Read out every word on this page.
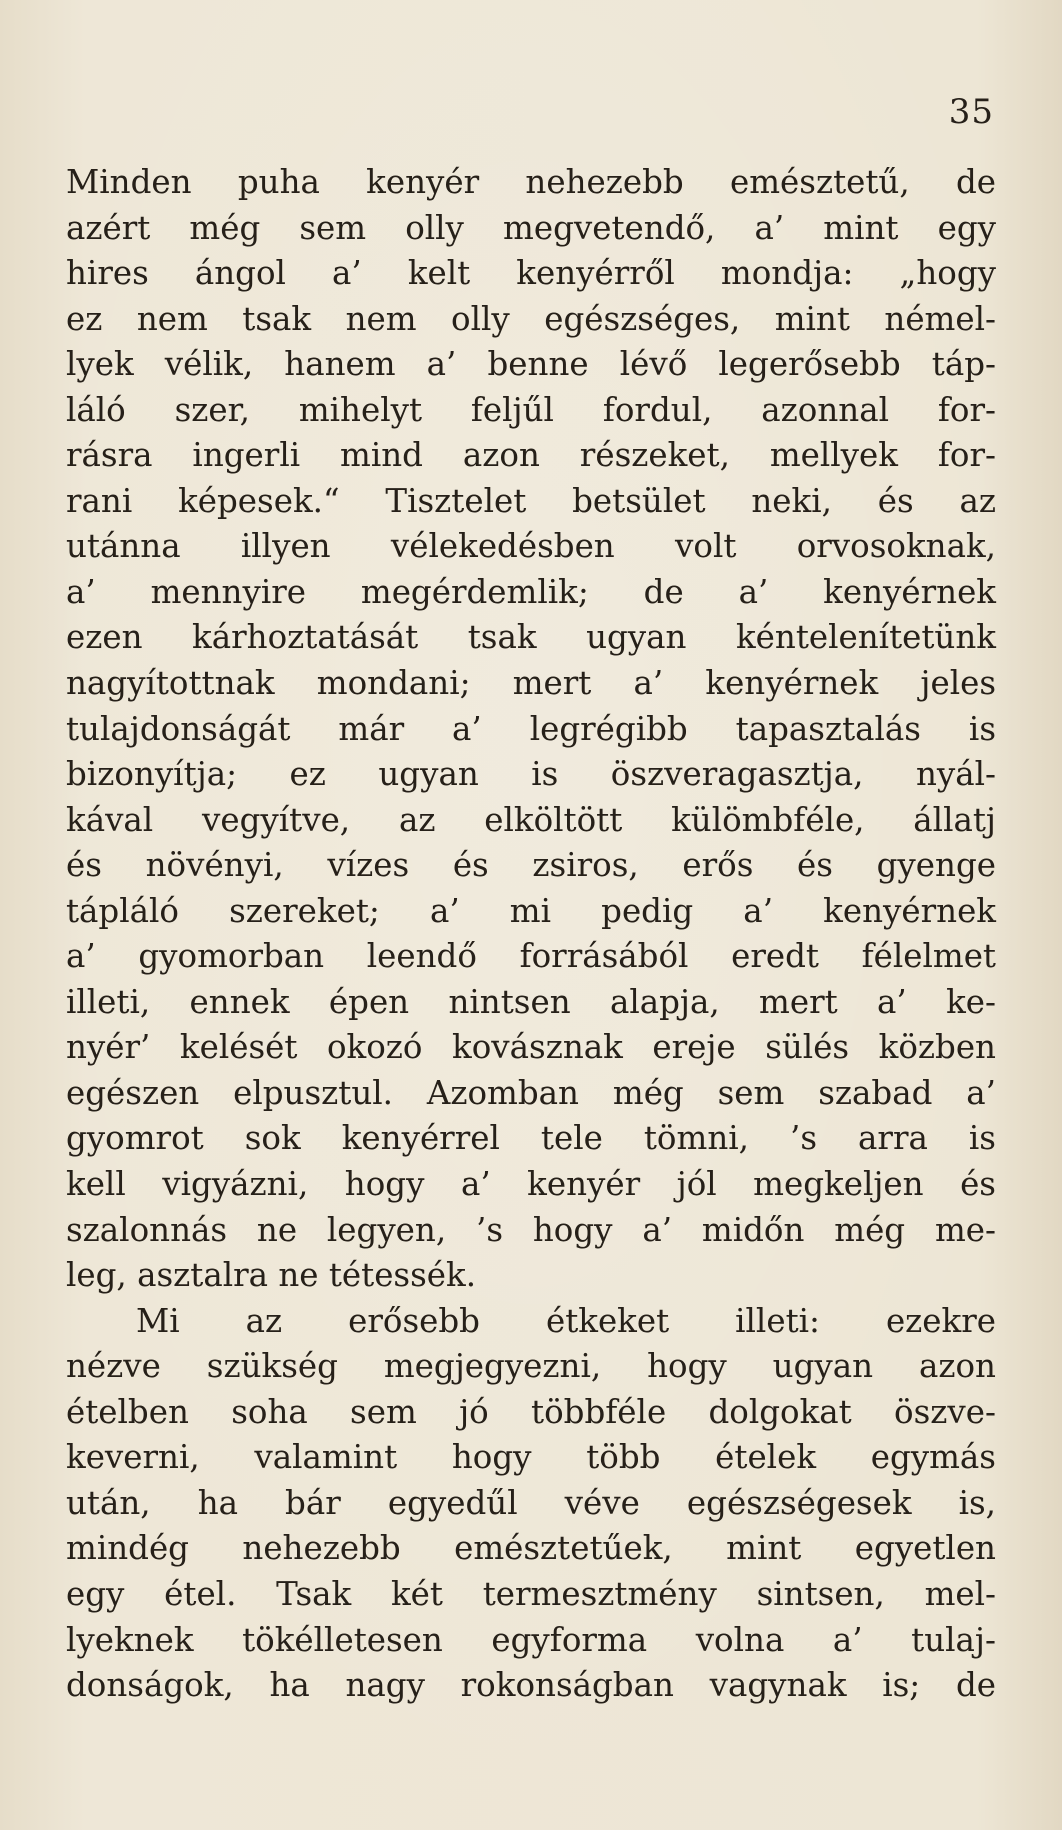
35
Minden puha kenyér nehezebb emésztetű, de
azért még sem olly megvetendő, a’ mint egy
hires ángol a’ kelt kenyérről mondja: „hogy
ez nem tsak nem olly egészséges, mint némel-
lyek vélik, hanem a’ benne lévő legerősebb táp-
láló szer, mihelyt feljűl fordul, azonnal for-
rásra ingerli mind azon részeket, mellyek for-
rani képesek.“ Tisztelet betsület neki, és az
utánna illyen vélekedésben volt orvosoknak,
a’ mennyire megérdemlik; de a’ kenyérnek
ezen kárhoztatását tsak ugyan kéntelenítetünk
nagyítottnak mondani; mert a’ kenyérnek jeles
tulajdonságát már a’ legrégibb tapasztalás is
bizonyítja; ez ugyan is öszveragasztja, nyál-
kával vegyítve, az elköltött külömbféle, állatj
és növényi, vízes és zsiros, erős és gyenge
tápláló szereket; a’ mi pedig a’ kenyérnek
a’ gyomorban leendő forrásából eredt félelmet
illeti, ennek épen nintsen alapja, mert a’ ke-
nyér’ kelését okozó kovásznak ereje sülés közben
egészen elpusztul. Azomban még sem szabad a’
gyomrot sok kenyérrel tele tömni, ’s arra is
kell vigyázni, hogy a’ kenyér jól megkeljen és
szalonnás ne legyen, ’s hogy a’ midőn még me-
leg, asztalra ne tétessék.
Mi az erősebb étkeket illeti: ezekre
nézve szükség megjegyezni, hogy ugyan azon
ételben soha sem jó többféle dolgokat öszve-
keverni, valamint hogy több ételek egymás
után, ha bár egyedűl véve egészségesek is,
mindég nehezebb emésztetűek, mint egyetlen
egy étel. Tsak két termesztmény sintsen, mel-
lyeknek tökélletesen egyforma volna a’ tulaj-
donságok, ha nagy rokonságban vagynak is; de
